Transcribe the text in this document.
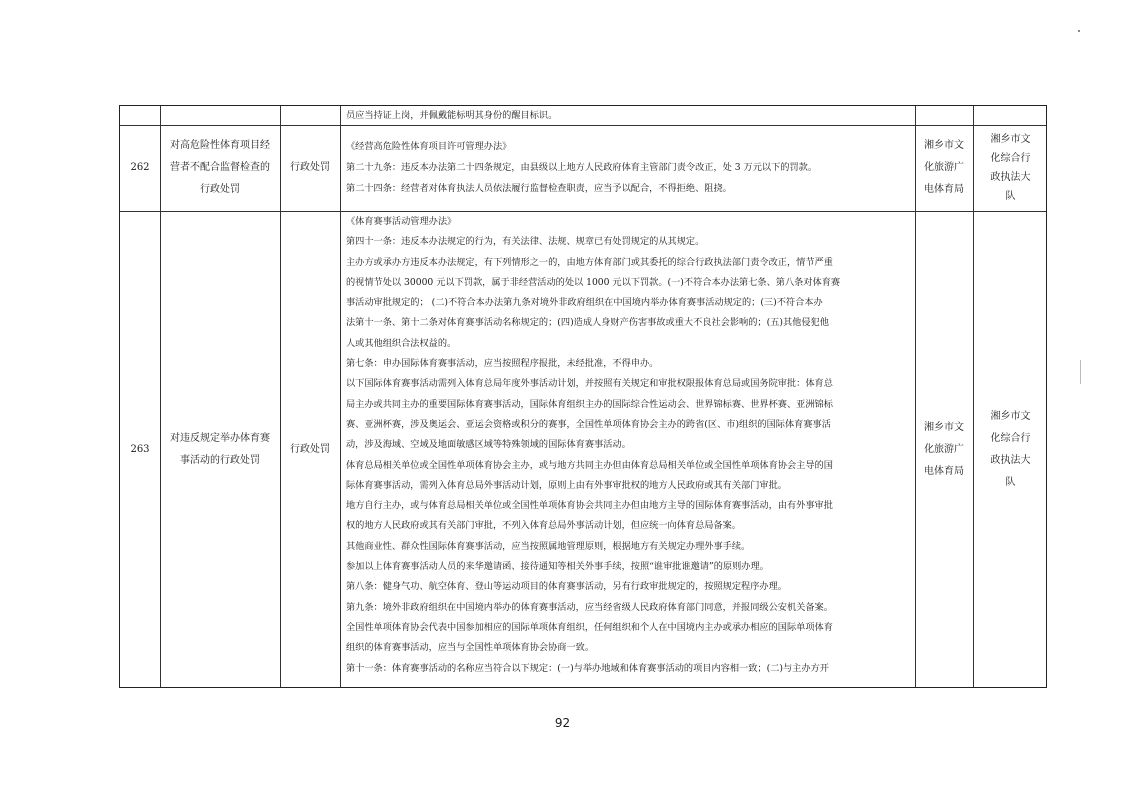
员应当持证上岗，并佩戴能标明其身份的醒目标识。

262
对高危险性体育项目经
营者不配合监督检查的
行政处罚
行政处罚

《经营高危险性体育项目许可管理办法》

第二十九条：违反本办法第二十四条规定，由县级以上地方人民政府体育主管部门责令改正，处 3 万元以下的罚款。

第二十四条：经营者对体育执法人员依法履行监督检查职责，应当予以配合，不得拒绝、阻挠。

湘乡市文
化旅游广
电体育局
湘乡市文
化综合行
政执法大
队
263
对违反规定举办体育赛
事活动的行政处罚
行政处罚

《体育赛事活动管理办法》

第四十一条：违反本办法规定的行为，有关法律、法规、规章已有处罚规定的从其规定。

主办方或承办方违反本办法规定，有下列情形之一的，由地方体育部门或其委托的综合行政执法部门责令改正，情节严重

的视情节处以 30000 元以下罚款，属于非经营活动的处以 1000 元以下罚款。(一)不符合本办法第七条、第八条对体育赛

事活动审批规定的； (二)不符合本办法第九条对境外非政府组织在中国境内举办体育赛事活动规定的；(三)不符合本办

法第十一条、第十二条对体育赛事活动名称规定的；(四)造成人身财产伤害事故或重大不良社会影响的；(五)其他侵犯他

人或其他组织合法权益的。

第七条：申办国际体育赛事活动，应当按照程序报批，未经批准，不得申办。

以下国际体育赛事活动需列入体育总局年度外事活动计划，并按照有关规定和审批权限报体育总局或国务院审批：体育总

局主办或共同主办的重要国际体育赛事活动，国际体育组织主办的国际综合性运动会、世界锦标赛、世界杯赛、亚洲锦标

赛、亚洲杯赛，涉及奥运会、亚运会资格或积分的赛事，全国性单项体育协会主办的跨省(区、市)组织的国际体育赛事活

动，涉及海域、空域及地面敏感区域等特殊领域的国际体育赛事活动。

体育总局相关单位或全国性单项体育协会主办，或与地方共同主办但由体育总局相关单位或全国性单项体育协会主导的国

际体育赛事活动，需列入体育总局外事活动计划，原则上由有外事审批权的地方人民政府或其有关部门审批。

地方自行主办，或与体育总局相关单位或全国性单项体育协会共同主办但由地方主导的国际体育赛事活动，由有外事审批

权的地方人民政府或其有关部门审批，不列入体育总局外事活动计划，但应统一向体育总局备案。

其他商业性、群众性国际体育赛事活动，应当按照属地管理原则，根据地方有关规定办理外事手续。

参加以上体育赛事活动人员的来华邀请函、接待通知等相关外事手续，按照“谁审批谁邀请”的原则办理。

第八条：健身气功、航空体育、登山等运动项目的体育赛事活动，另有行政审批规定的，按照规定程序办理。

第九条：境外非政府组织在中国境内举办的体育赛事活动，应当经省级人民政府体育部门同意，并报同级公安机关备案。

全国性单项体育协会代表中国参加相应的国际单项体育组织，任何组织和个人在中国境内主办或承办相应的国际单项体育

组织的体育赛事活动，应当与全国性单项体育协会协商一致。

第十一条：体育赛事活动的名称应当符合以下规定：(一)与举办地域和体育赛事活动的项目内容相一致；(二)与主办方开

湘乡市文
化旅游广
电体育局
湘乡市文
化综合行
政执法大
队
92
